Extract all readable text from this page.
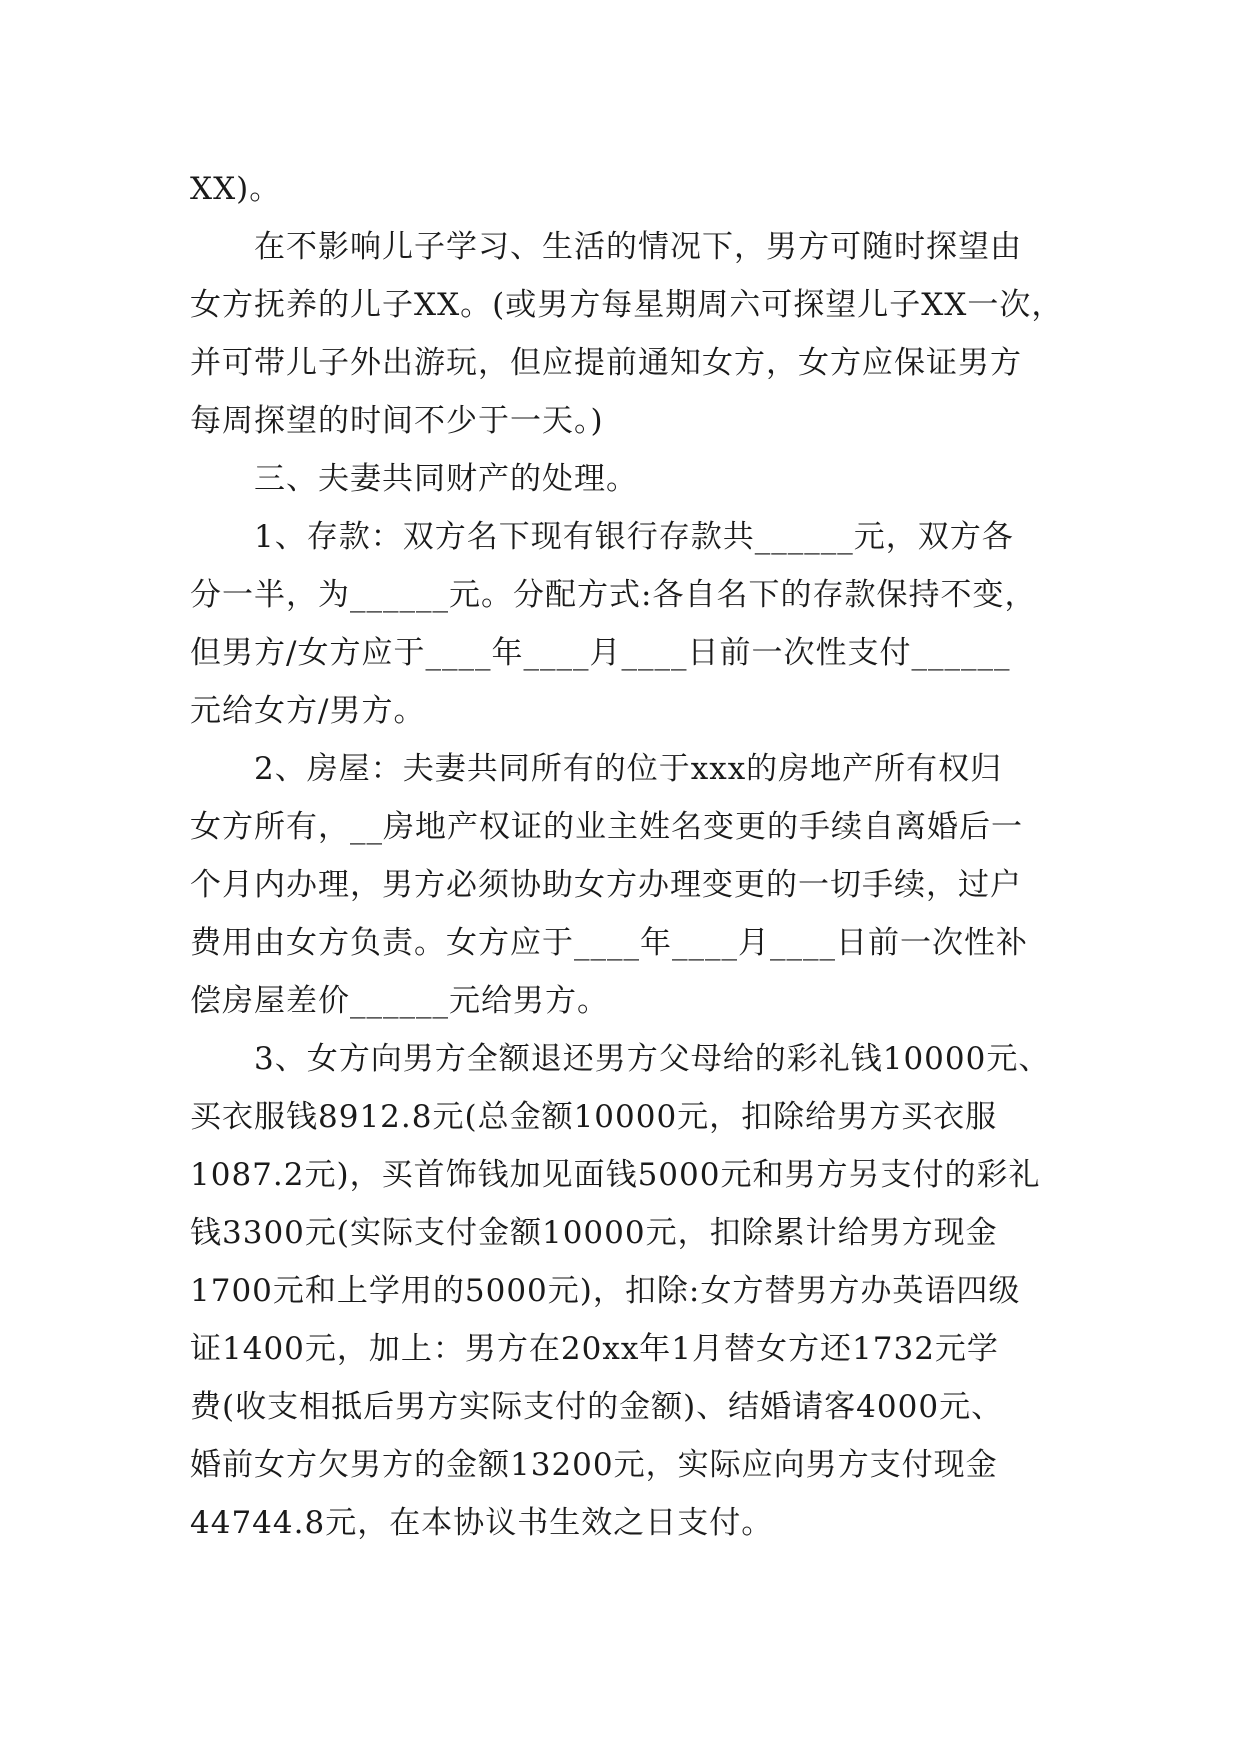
XX)。
在不影响儿子学习、生活的情况下，男方可随时探望由
女方抚养的儿子XX。(或男方每星期周六可探望儿子XX一次，
并可带儿子外出游玩，但应提前通知女方，女方应保证男方
每周探望的时间不少于一天。)
三、夫妻共同财产的处理。
1、存款：双方名下现有银行存款共______元，双方各
分一半，为______元。分配方式:各自名下的存款保持不变，
但男方/女方应于____年____月____日前一次性支付______
元给女方/男方。
2、房屋：夫妻共同所有的位于xxx的房地产所有权归
女方所有，__房地产权证的业主姓名变更的手续自离婚后一
个月内办理，男方必须协助女方办理变更的一切手续，过户
费用由女方负责。女方应于____年____月____日前一次性补
偿房屋差价______元给男方。
3、女方向男方全额退还男方父母给的彩礼钱10000元、
买衣服钱8912.8元(总金额10000元，扣除给男方买衣服
1087.2元)，买首饰钱加见面钱5000元和男方另支付的彩礼
钱3300元(实际支付金额10000元，扣除累计给男方现金
1700元和上学用的5000元)，扣除:女方替男方办英语四级
证1400元，加上：男方在20xx年1月替女方还1732元学
费(收支相抵后男方实际支付的金额)、结婚请客4000元、
婚前女方欠男方的金额13200元，实际应向男方支付现金
44744.8元，在本协议书生效之日支付。
